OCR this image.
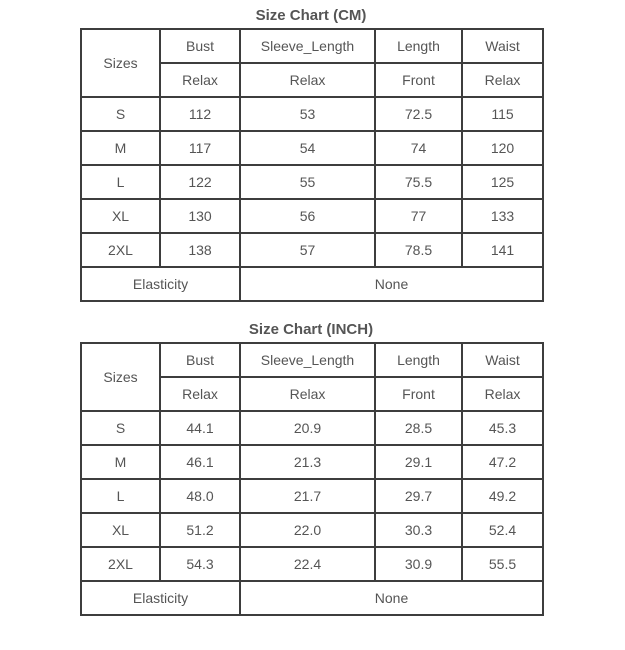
Size Chart (CM)
Sizes	Bust	Sleeve_Length	Length	Waist
	Relax	Relax	Front	Relax
S	112	53	72.5	115
M	117	54	74	120
L	122	55	75.5	125
XL	130	56	77	133
2XL	138	57	78.5	141
Elasticity		None		
Size Chart (INCH)
Sizes	Bust	Sleeve_Length	Length	Waist
	Relax	Relax	Front	Relax
S	44.1	20.9	28.5	45.3
M	46.1	21.3	29.1	47.2
L	48.0	21.7	29.7	49.2
XL	51.2	22.0	30.3	52.4
2XL	54.3	22.4	30.9	55.5
Elasticity		None		
